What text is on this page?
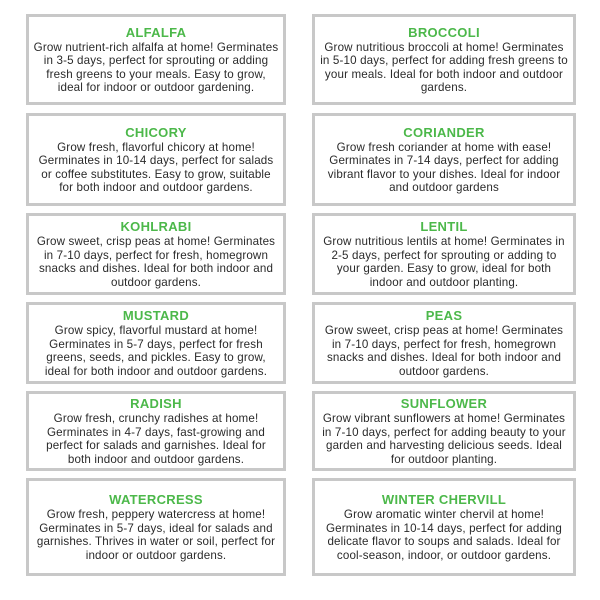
ALFALFA
Grow nutrient-rich alfalfa at home! Germinates in 3-5 days, perfect for sprouting or adding fresh greens to your meals. Easy to grow, ideal for indoor or outdoor gardening.
BROCCOLI
Grow nutritious broccoli at home! Germinates in 5-10 days, perfect for adding fresh greens to your meals. Ideal for both indoor and outdoor gardens.
CHICORY
Grow fresh, flavorful chicory at home! Germinates in 10-14 days, perfect for salads or coffee substitutes. Easy to grow, suitable for both indoor and outdoor gardens.
CORIANDER
Grow fresh coriander at home with ease! Germinates in 7-14 days, perfect for adding vibrant flavor to your dishes. Ideal for indoor and outdoor gardens
KOHLRABI
Grow sweet, crisp peas at home! Germinates in 7-10 days, perfect for fresh, homegrown snacks and dishes. Ideal for both indoor and outdoor gardens.
LENTIL
Grow nutritious lentils at home! Germinates in 2-5 days, perfect for sprouting or adding to your garden. Easy to grow, ideal for both indoor and outdoor planting.
MUSTARD
Grow spicy, flavorful mustard at home! Germinates in 5-7 days, perfect for fresh greens, seeds, and pickles. Easy to grow, ideal for both indoor and outdoor gardens.
PEAS
Grow sweet, crisp peas at home! Germinates in 7-10 days, perfect for fresh, homegrown snacks and dishes. Ideal for both indoor and outdoor gardens.
RADISH
Grow fresh, crunchy radishes at home! Germinates in 4-7 days, fast-growing and perfect for salads and garnishes. Ideal for both indoor and outdoor gardens.
SUNFLOWER
Grow vibrant sunflowers at home! Germinates in 7-10 days, perfect for adding beauty to your garden and harvesting delicious seeds. Ideal for outdoor planting.
WATERCRESS
Grow fresh, peppery watercress at home! Germinates in 5-7 days, ideal for salads and garnishes. Thrives in water or soil, perfect for indoor or outdoor gardens.
WINTER CHERVILL
Grow aromatic winter chervil at home! Germinates in 10-14 days, perfect for adding delicate flavor to soups and salads. Ideal for cool-season, indoor, or outdoor gardens.
